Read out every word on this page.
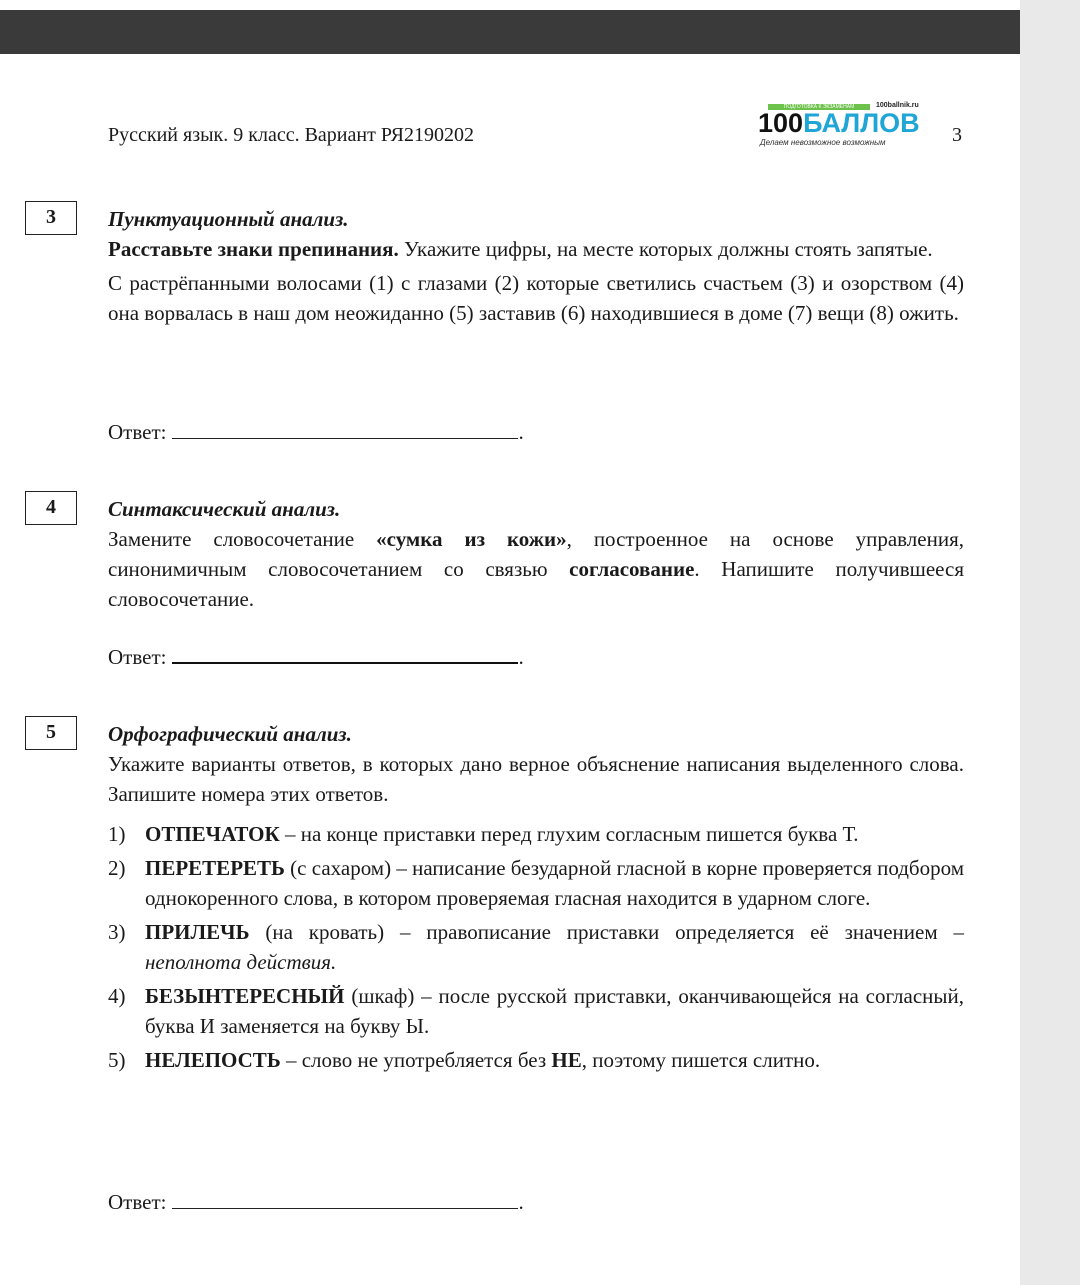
Русский язык. 9 класс. Вариант РЯ2190202
ПОДГОТОВКА К ЭКЗАМЕНАМ	100ballnik.ru
100БАЛЛОВ
Делаем невозможное возможным	3
3	Пунктуационный анализ.
Расставьте знаки препинания. Укажите цифры, на месте которых должны стоять запятые.
С растрёпанными волосами (1) с глазами (2) которые светились счастьем (3) и озорством (4) она ворвалась в наш дом неожиданно (5) заставив (6) находившиеся в доме (7) вещи (8) ожить.
Ответ:	.
4	Синтаксический анализ.
Замените словосочетание «сумка из кожи», построенное на основе управления, синонимичным словосочетанием со связью согласование. Напишите получившееся словосочетание.
Ответ:	.
5	Орфографический анализ.
Укажите варианты ответов, в которых дано верное объяснение написания выделенного слова. Запишите номера этих ответов.
1) ОТПЕЧАТОК – на конце приставки перед глухим согласным пишется буква Т.
2) ПЕРЕТЕРЕТЬ (с сахаром) – написание безударной гласной в корне проверяется подбором однокоренного слова, в котором проверяемая гласная находится в ударном слоге.
3) ПРИЛЕЧЬ (на кровать) – правописание приставки определяется её значением – неполнота действия.
4) БЕЗЫНТЕРЕСНЫЙ (шкаф) – после русской приставки, оканчивающейся на согласный, буква И заменяется на букву Ы.
5) НЕЛЕПОСТЬ – слово не употребляется без НЕ, поэтому пишется слитно.
Ответ:	.
